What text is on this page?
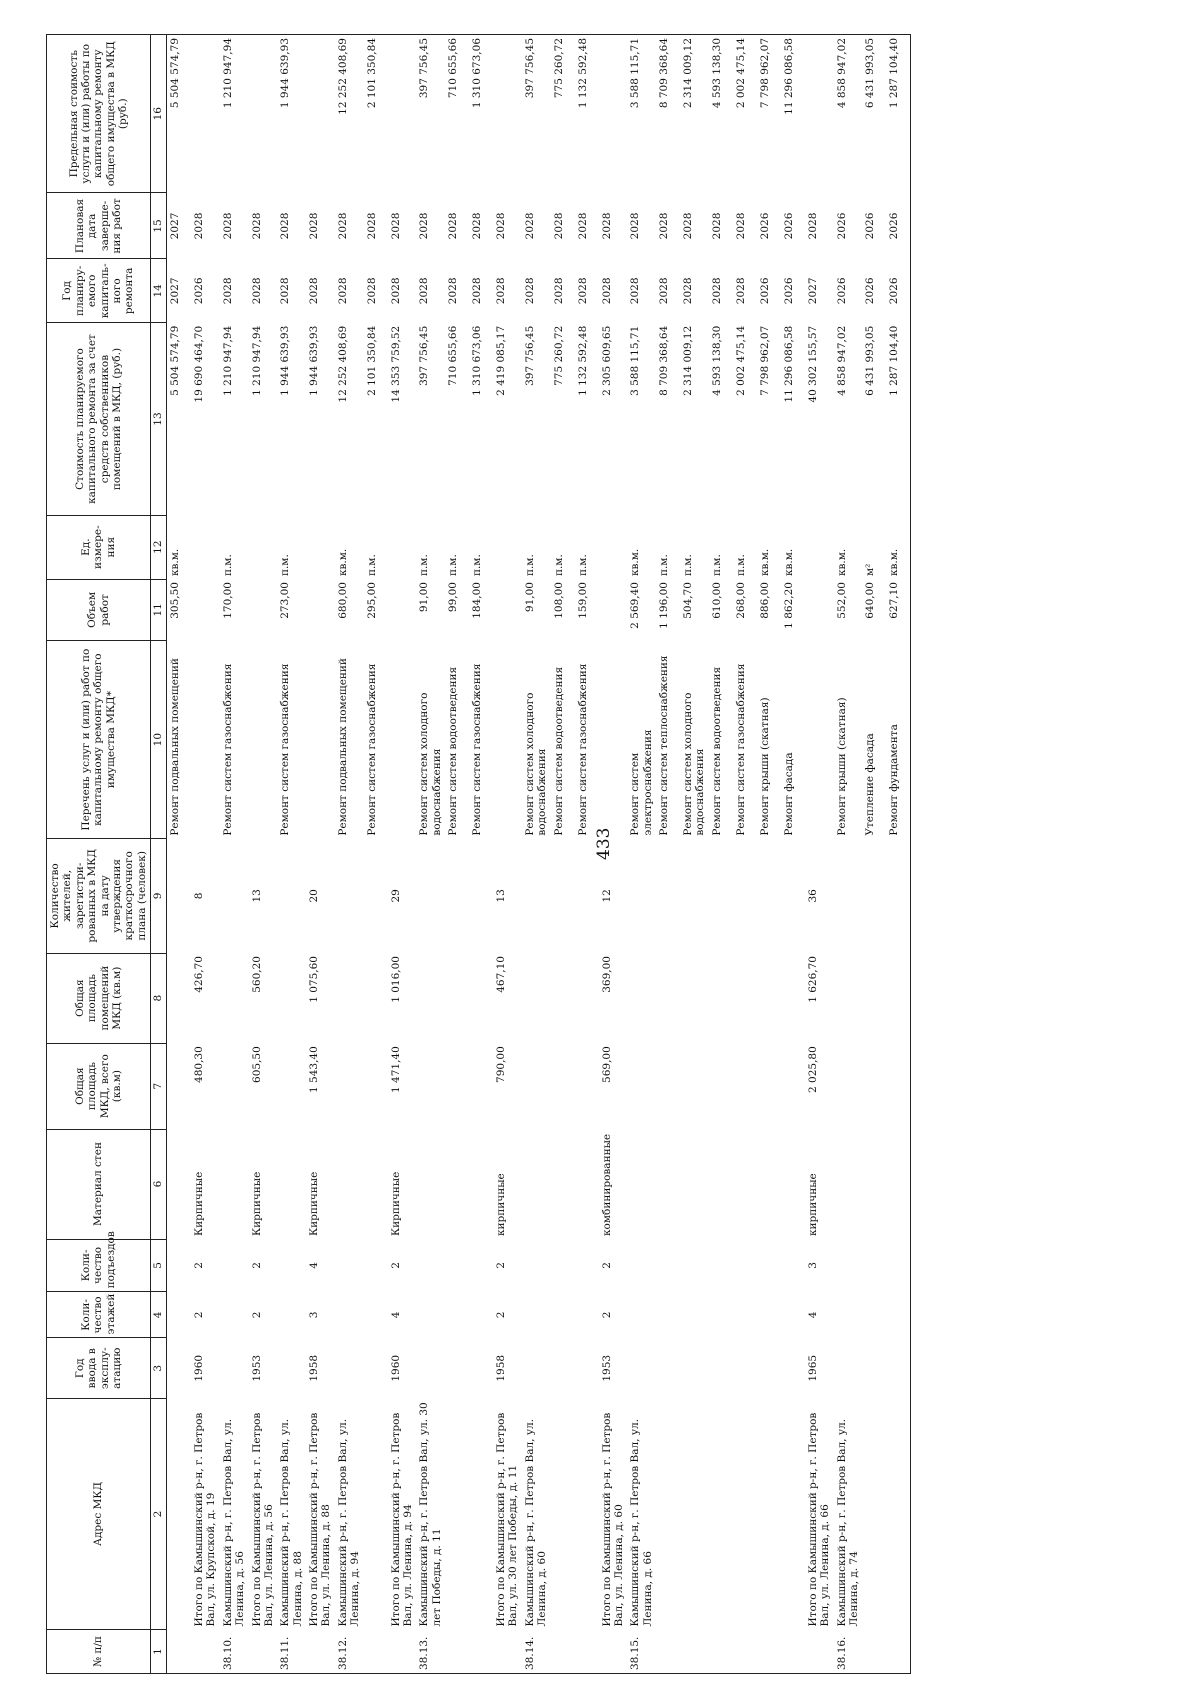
433
№ п/п	Адрес МКД	Год ввода в эксплу-атацию	Коли-чество этажей	Коли-чество подъездов	Материал стен	Общая площадь МКД, всего (кв.м)	Общая площадь помещений МКД (кв.м)	Количество жителей, зарегистри-рованных в МКД на дату утверждения краткосрочного плана (человек)	Перечень услуг и (или) работ по капитальному ремонту общего имущества МКД*	Объем работ	Ед. измере-ния	Стоимость планируемого капитального ремонта за счет средств собственников помещений в МКД, (руб.)	Год планиру-емого капиталь-ного ремонта	Плановая дата заверше-ния работ	Предельная стоимость услуги и (или) работы по капитальному ремонту общего имущества в МКД (руб.)
1	2	3	4	5	6	7	8	9	10	11	12	13	14	15	16
									Ремонт подвальных помещений	305,50	кв.м.	5 504 574,79	2027	2027	5 504 574,79
	Итого по Камышинский р-н, г. Петров Вал, ул. Крупской, д. 19	1960	2	2	Кирпичные	480,30	426,70	8				19 690 464,70	2026	2028	
38.10.	Камышинский р-н, г. Петров Вал, ул. Ленина, д. 56								Ремонт систем газоснабжения	170,00	п.м.	1 210 947,94	2028	2028	1 210 947,94
	Итого по Камышинский р-н, г. Петров Вал, ул. Ленина, д. 56	1953	2	2	Кирпичные	605,50	560,20	13				1 210 947,94	2028	2028	
38.11.	Камышинский р-н, г. Петров Вал, ул. Ленина, д. 88								Ремонт систем газоснабжения	273,00	п.м.	1 944 639,93	2028	2028	1 944 639,93
	Итого по Камышинский р-н, г. Петров Вал, ул. Ленина, д. 88	1958	3	4	Кирпичные	1 543,40	1 075,60	20				1 944 639,93	2028	2028	
38.12.	Камышинский р-н, г. Петров Вал, ул. Ленина, д. 94								Ремонт подвальных помещений	680,00	кв.м.	12 252 408,69	2028	2028	12 252 408,69
									Ремонт систем газоснабжения	295,00	п.м.	2 101 350,84	2028	2028	2 101 350,84
	Итого по Камышинский р-н, г. Петров Вал, ул. Ленина, д. 94	1960	4	2	Кирпичные	1 471,40	1 016,00	29				14 353 759,52	2028	2028	
38.13.	Камышинский р-н, г. Петров Вал, ул. 30 лет Победы, д. 11								Ремонт систем холодного водоснабжения	91,00	п.м.	397 756,45	2028	2028	397 756,45
									Ремонт систем водоотведения	99,00	п.м.	710 655,66	2028	2028	710 655,66
									Ремонт систем газоснабжения	184,00	п.м.	1 310 673,06	2028	2028	1 310 673,06
	Итого по Камышинский р-н, г. Петров Вал, ул. 30 лет Победы, д. 11	1958	2	2	кирпичные	790,00	467,10	13				2 419 085,17	2028	2028	
38.14.	Камышинский р-н, г. Петров Вал, ул. Ленина, д. 60								Ремонт систем холодного водоснабжения	91,00	п.м.	397 756,45	2028	2028	397 756,45
									Ремонт систем водоотведения	108,00	п.м.	775 260,72	2028	2028	775 260,72
									Ремонт систем газоснабжения	159,00	п.м.	1 132 592,48	2028	2028	1 132 592,48
	Итого по Камышинский р-н, г. Петров Вал, ул. Ленина, д. 60	1953	2	2	комбинированные	569,00	369,00	12				2 305 609,65	2028	2028	
38.15.	Камышинский р-н, г. Петров Вал, ул. Ленина, д. 66								Ремонт систем электроснабжения	2 569,40	кв.м.	3 588 115,71	2028	2028	3 588 115,71
									Ремонт систем теплоснабжения	1 196,00	п.м.	8 709 368,64	2028	2028	8 709 368,64
									Ремонт систем холодного водоснабжения	504,70	п.м.	2 314 009,12	2028	2028	2 314 009,12
									Ремонт систем водоотведения	610,00	п.м.	4 593 138,30	2028	2028	4 593 138,30
									Ремонт систем газоснабжения	268,00	п.м.	2 002 475,14	2028	2028	2 002 475,14
									Ремонт крыши (скатная)	886,00	кв.м.	7 798 962,07	2026	2026	7 798 962,07
									Ремонт фасада	1 862,20	кв.м.	11 296 086,58	2026	2026	11 296 086,58
	Итого по Камышинский р-н, г. Петров Вал, ул. Ленина, д. 66	1965	4	3	кирпичные	2 025,80	1 626,70	36				40 302 155,57	2027	2028	
38.16.	Камышинский р-н, г. Петров Вал, ул. Ленина, д. 74								Ремонт крыши (скатная)	552,00	кв.м.	4 858 947,02	2026	2026	4 858 947,02
									Утепление фасада	640,00	м²	6 431 993,05	2026	2026	6 431 993,05
									Ремонт фундамента	627,10	кв.м.	1 287 104,40	2026	2026	1 287 104,40
